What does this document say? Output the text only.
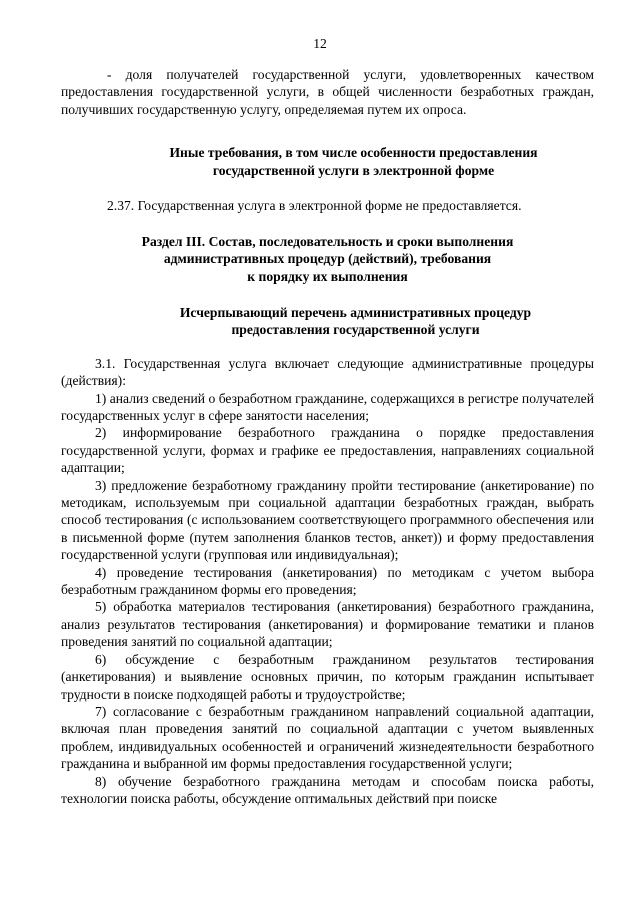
12

- доля получателей государственной услуги, удовлетворенных качеством предоставления государственной услуги, в общей численности безработных граждан, получивших государственную услугу, определяемая путем их опроса.

Иные требования, в том числе особенности предоставления

государственной услуги в электронной форме

2.37. Государственная услуга в электронной форме не предоставляется.

Раздел III. Состав, последовательность и сроки выполнения

административных процедур (действий), требования

к порядку их выполнения

Исчерпывающий перечень административных процедур

предоставления государственной услуги

3.1. Государственная услуга включает следующие административные процедуры (действия):

1) анализ сведений о безработном гражданине, содержащихся в регистре получателей государственных услуг в сфере занятости населения;

2) информирование безработного гражданина о порядке предоставления государственной услуги, формах и графике ее предоставления, направлениях социальной адаптации;

3) предложение безработному гражданину пройти тестирование (анкетирование) по методикам, используемым при социальной адаптации безработных граждан, выбрать способ тестирования (с использованием соответствующего программного обеспечения или в письменной форме (путем заполнения бланков тестов, анкет)) и форму предоставления государственной услуги (групповая или индивидуальная);

4) проведение тестирования (анкетирования) по методикам с учетом выбора безработным гражданином формы его проведения;

5) обработка материалов тестирования (анкетирования) безработного гражданина, анализ результатов тестирования (анкетирования) и формирование тематики и планов проведения занятий по социальной адаптации;

6) обсуждение с безработным гражданином результатов тестирования (анкетирования) и выявление основных причин, по которым гражданин испытывает трудности в поиске подходящей работы и трудоустройстве;

7) согласование с безработным гражданином направлений социальной адаптации, включая план проведения занятий по социальной адаптации с учетом выявленных проблем, индивидуальных особенностей и ограничений жизнедеятельности безработного гражданина и выбранной им формы предоставления государственной услуги;

8) обучение безработного гражданина методам и способам поиска работы, технологии поиска работы, обсуждение оптимальных действий при поиске
